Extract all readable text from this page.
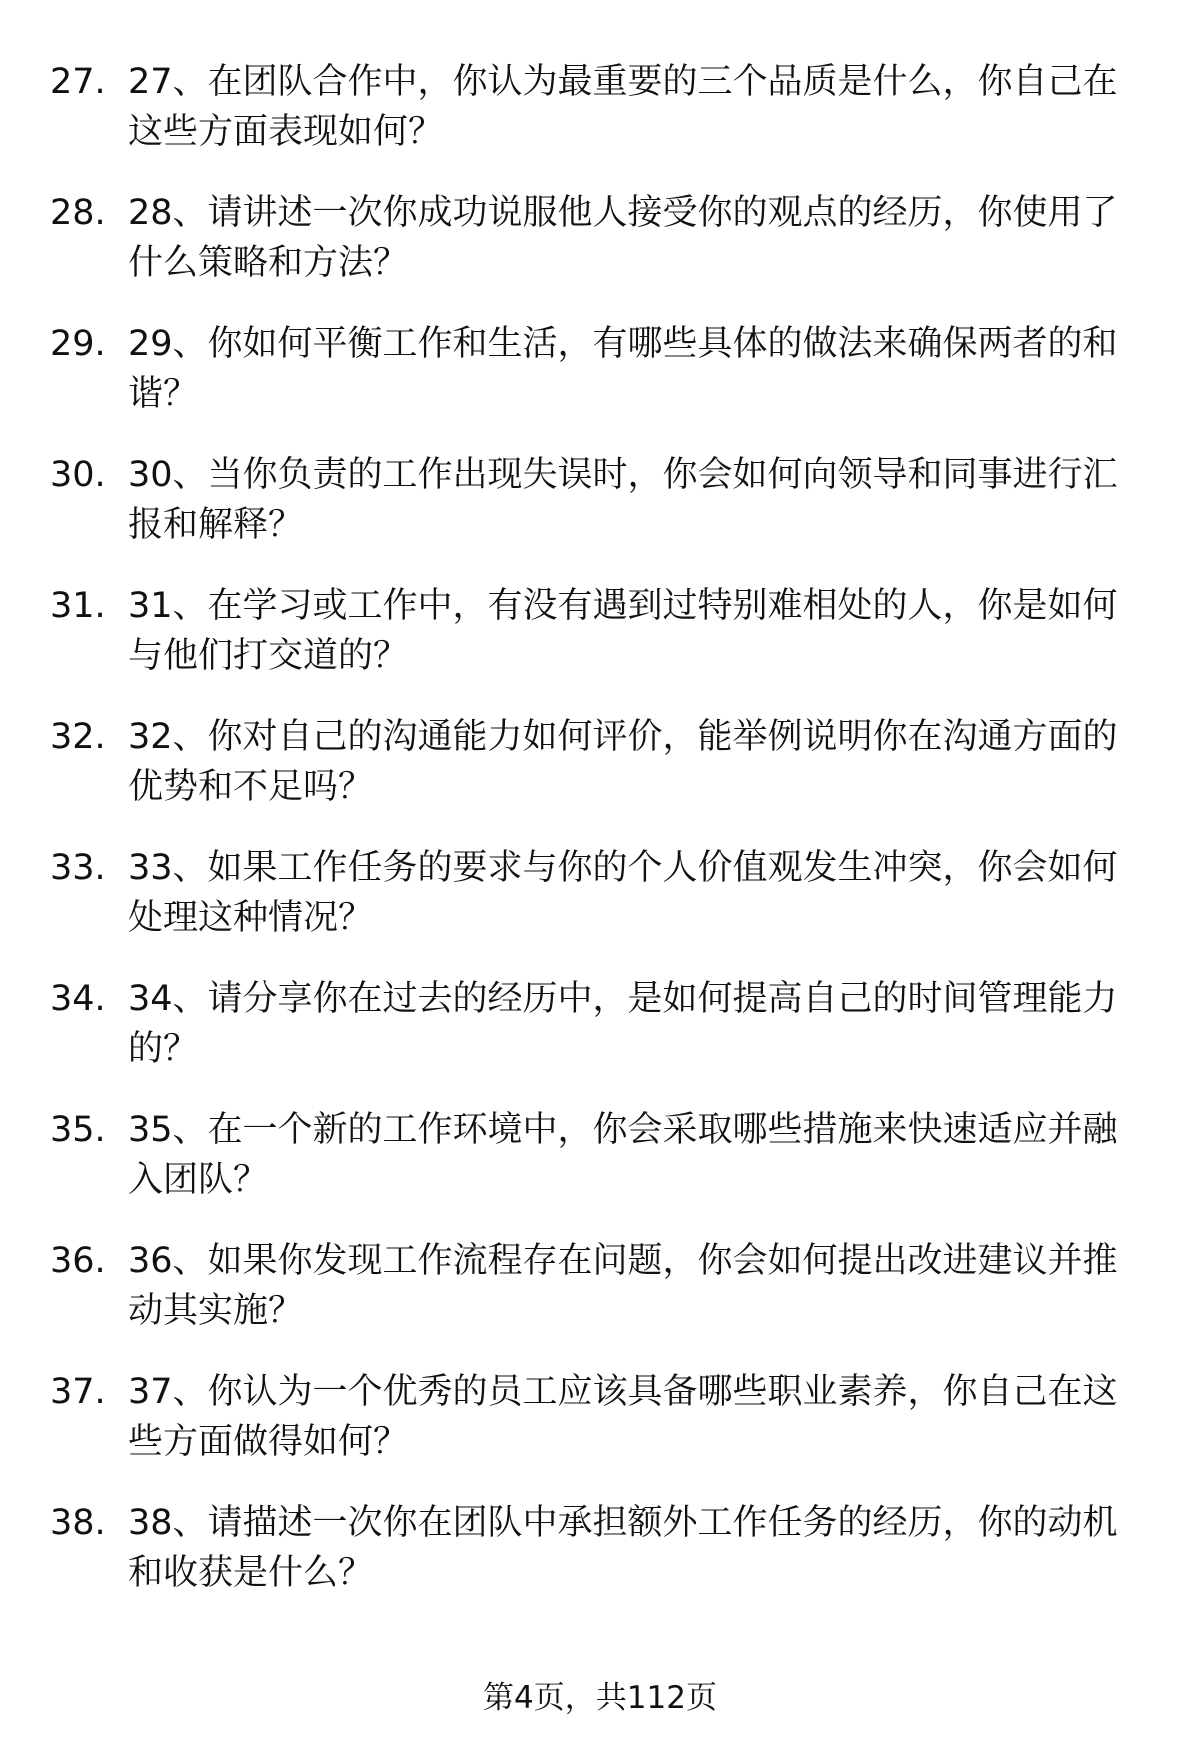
27. 27、在团队合作中，你认为最重要的三个品质是什么，你自己在这些方面表现如何？
28. 28、请讲述一次你成功说服他人接受你的观点的经历，你使用了什么策略和方法？
29. 29、你如何平衡工作和生活，有哪些具体的做法来确保两者的和谐？
30. 30、当你负责的工作出现失误时，你会如何向领导和同事进行汇报和解释？
31. 31、在学习或工作中，有没有遇到过特别难相处的人，你是如何与他们打交道的？
32. 32、你对自己的沟通能力如何评价，能举例说明你在沟通方面的优势和不足吗？
33. 33、如果工作任务的要求与你的个人价值观发生冲突，你会如何处理这种情况？
34. 34、请分享你在过去的经历中，是如何提高自己的时间管理能力的？
35. 35、在一个新的工作环境中，你会采取哪些措施来快速适应并融入团队？
36. 36、如果你发现工作流程存在问题，你会如何提出改进建议并推动其实施？
37. 37、你认为一个优秀的员工应该具备哪些职业素养，你自己在这些方面做得如何？
38. 38、请描述一次你在团队中承担额外工作任务的经历，你的动机和收获是什么？
第4页，共112页
